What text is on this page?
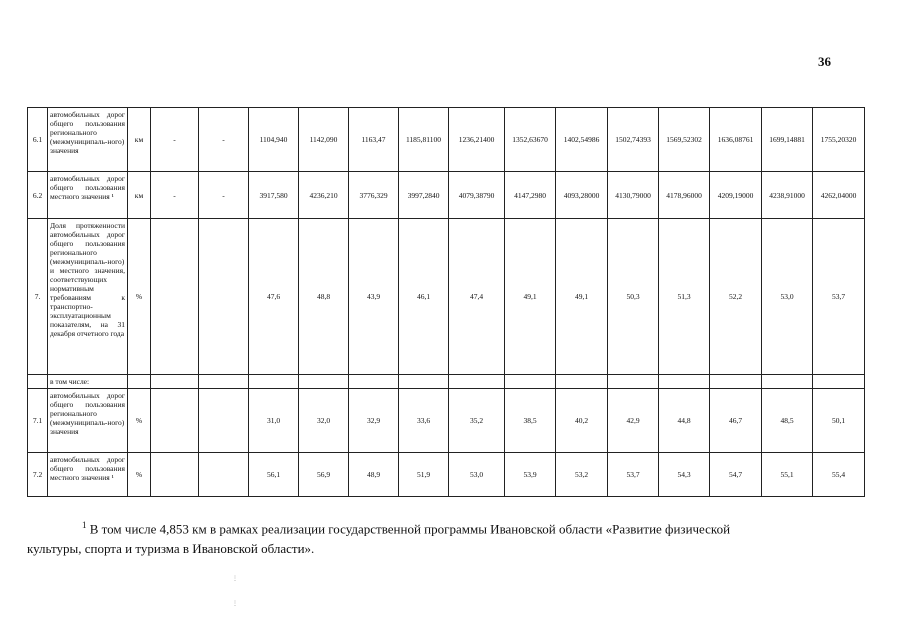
36
6.1	автомобильных дорог общего пользования регионального (межмуниципаль-ного) значения	км	-	-	1104,940	1142,090	1163,47	1185,81100	1236,21400	1352,63670	1402,54986	1502,74393	1569,52302	1636,08761	1699,14881	1755,20320
6.2	автомобильных дорог общего пользования местного значения ¹	км	-	-	3917,580	4236,210	3776,329	3997,2840	4079,38790	4147,2980	4093,28000	4130,79000	4178,96000	4209,19000	4238,91000	4262,04000
7.	Доля протяженности автомобильных дорог общего пользования регионального (межмуниципаль-ного) и местного значения, соответствующих нормативным требованиям к транспортно-эксплуатационным показателям, на 31 декабря отчетного года	%			47,6	48,8	43,9	46,1	47,4	49,1	49,1	50,3	51,3	52,2	53,0	53,7
	в том числе:															
7.1	автомобильных дорог общего пользования регионального (межмуниципаль-ного) значения	%			31,0	32,0	32,9	33,6	35,2	38,5	40,2	42,9	44,8	46,7	48,5	50,1
7.2	автомобильных дорог общего пользования местного значения ¹	%			56,1	56,9	48,9	51,9	53,0	53,9	53,2	53,7	54,3	54,7	55,1	55,4
$^1$ В том числе 4,853 км в рамках реализации государственной программы Ивановской области «Развитие физической
культуры, спорта и туризма в Ивановской области».
⋮
⋮
